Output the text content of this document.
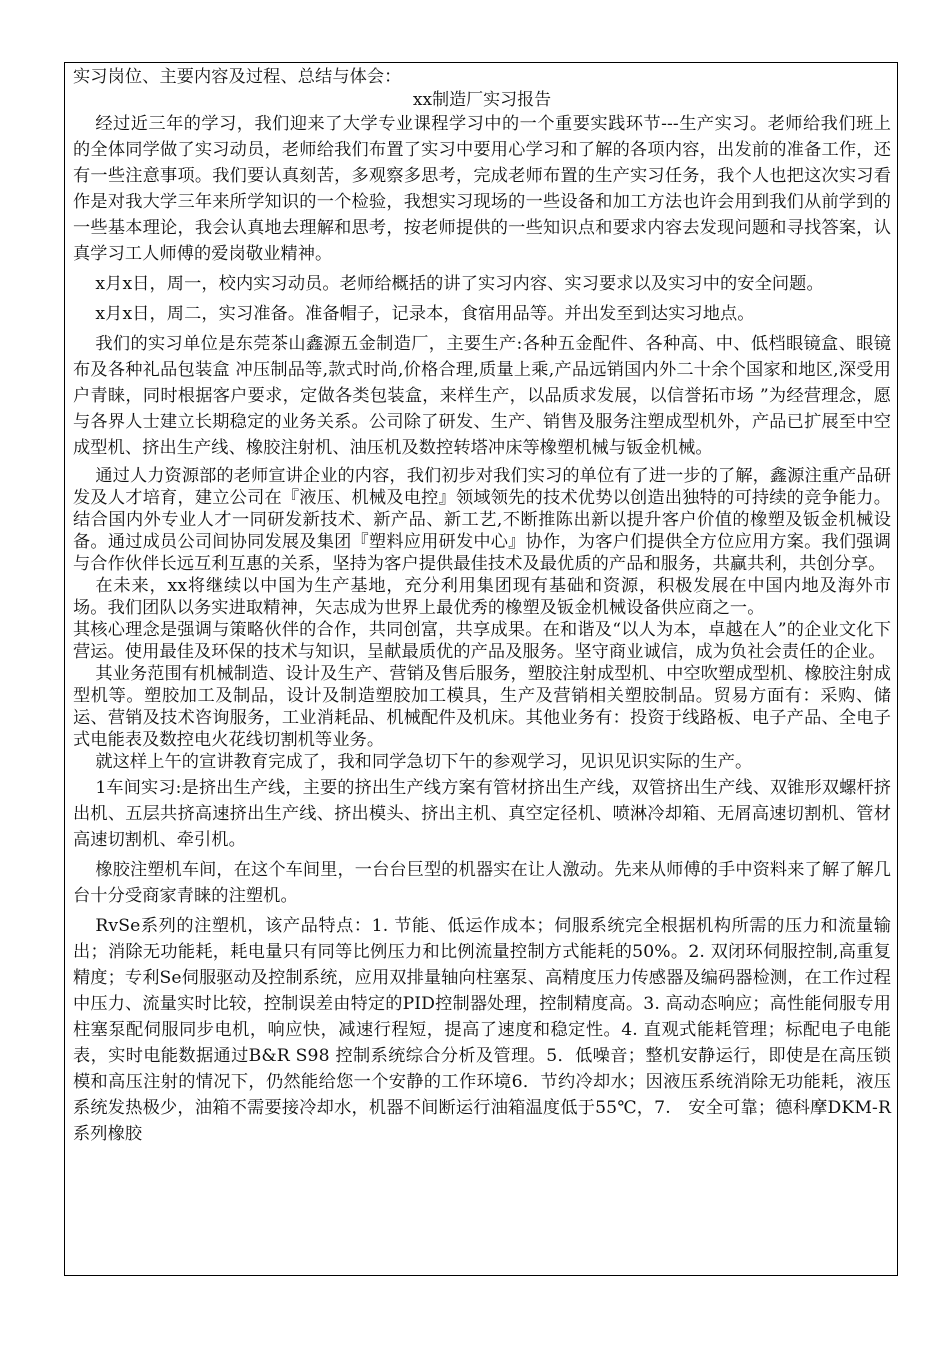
实习岗位、主要内容及过程、总结与体会：

xx制造厂实习报告

经过近三年的学习，我们迎来了大学专业课程学习中的一个重要实践环节---生产实习。老师给我们班上的全体同学做了实习动员，老师给我们布置了实习中要用心学习和了解的各项内容，出发前的准备工作，还有一些注意事项。我们要认真刻苦，多观察多思考，完成老师布置的生产实习任务，我个人也把这次实习看作是对我大学三年来所学知识的一个检验，我想实习现场的一些设备和加工方法也许会用到我们从前学到的一些基本理论，我会认真地去理解和思考，按老师提供的一些知识点和要求内容去发现问题和寻找答案，认真学习工人师傅的爱岗敬业精神。

x月x日，周一，校内实习动员。老师给概括的讲了实习内容、实习要求以及实习中的安全问题。

x月x日，周二，实习准备。准备帽子，记录本，食宿用品等。并出发至到达实习地点。

我们的实习单位是东莞茶山鑫源五金制造厂，主要生产:各种五金配件、各种高、中、低档眼镜盒、眼镜布及各种礼品包装盒 冲压制品等,款式时尚,价格合理,质量上乘,产品远销国内外二十余个国家和地区,深受用户青睐，同时根据客户要求，定做各类包装盒，来样生产，以品质求发展，以信誉拓市场 ”为经营理念，愿与各界人士建立长期稳定的业务关系。公司除了研发、生产、销售及服务注塑成型机外，产品已扩展至中空成型机、挤出生产线、橡胶注射机、油压机及数控转塔冲床等橡塑机械与钣金机械。

通过人力资源部的老师宣讲企业的内容，我们初步对我们实习的单位有了进一步的了解，鑫源注重产品研发及人才培育，建立公司在『液压、机械及电控』领域领先的技术优势以创造出独特的可持续的竞争能力。结合国内外专业人才一同研发新技术、新产品、新工艺,不断推陈出新以提升客户价值的橡塑及钣金机械设备。通过成员公司间协同发展及集团『塑料应用研发中心』协作，为客户们提供全方位应用方案。我们强调与合作伙伴长远互利互惠的关系，坚持为客户提供最佳技术及最优质的产品和服务，共赢共利，共创分享。

在未来，xx将继续以中国为生产基地，充分利用集团现有基础和资源，积极发展在中国内地及海外市场。我们团队以务实进取精神，矢志成为世界上最优秀的橡塑及钣金机械设备供应商之一。

其核心理念是强调与策略伙伴的合作，共同创富，共享成果。在和谐及“以人为本，卓越在人”的企业文化下营运。使用最佳及环保的技术与知识，呈献最质优的产品及服务。坚守商业诚信，成为负社会责任的企业。

其业务范围有机械制造、设计及生产、营销及售后服务，塑胶注射成型机、中空吹塑成型机、橡胶注射成型机等。塑胶加工及制品，设计及制造塑胶加工模具，生产及营销相关塑胶制品。贸易方面有：采购、储运、营销及技术咨询服务，工业消耗品、机械配件及机床。其他业务有：投资于线路板、电子产品、全电子式电能表及数控电火花线切割机等业务。

就这样上午的宣讲教育完成了，我和同学急切下午的参观学习，见识见识实际的生产。

1车间实习:是挤出生产线，主要的挤出生产线方案有管材挤出生产线，双管挤出生产线、双锥形双螺杆挤出机、五层共挤高速挤出生产线、挤出模头、挤出主机、真空定径机、喷淋冷却箱、无屑高速切割机、管材高速切割机、牵引机。

橡胶注塑机车间，在这个车间里，一台台巨型的机器实在让人激动。先来从师傅的手中资料来了解了解几台十分受商家青睐的注塑机。

RvSe系列的注塑机，该产品特点：1. 节能、低运作成本；伺服系统完全根据机构所需的压力和流量输出；消除无功能耗，耗电量只有同等比例压力和比例流量控制方式能耗的50%。2. 双闭环伺服控制,高重复精度；专利Se伺服驱动及控制系统，应用双排量轴向柱塞泵、高精度压力传感器及编码器检测，在工作过程中压力、流量实时比较，控制误差由特定的PID控制器处理，控制精度高。3. 高动态响应；高性能伺服专用柱塞泵配伺服同步电机，响应快，减速行程短，提高了速度和稳定性。4. 直观式能耗管理；标配电子电能表，实时电能数据通过B&R S98 控制系统综合分析及管理。5．低噪音；整机安静运行，即使是在高压锁模和高压注射的情况下，仍然能给您一个安静的工作环境6．节约冷却水；因液压系统消除无功能耗，液压系统发热极少，油箱不需要接冷却水，机器不间断运行油箱温度低于55℃，7.　安全可靠；德科摩DKM-R系列橡胶
